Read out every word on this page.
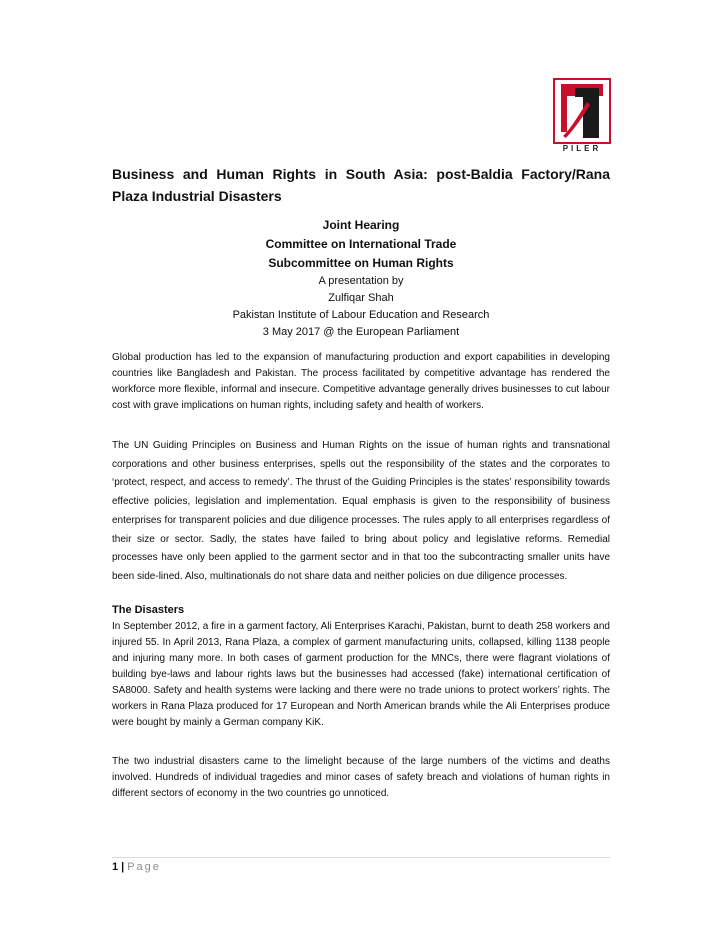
PILER
Business and Human Rights in South Asia: post-Baldia Factory/Rana Plaza Industrial Disasters
Joint Hearing
Committee on International Trade
Subcommittee on Human Rights
A presentation by
Zulfiqar Shah
Pakistan Institute of Labour Education and Research
3 May 2017 @ the European Parliament

Global production has led to the expansion of manufacturing production and export capabilities in developing countries like Bangladesh and Pakistan. The process facilitated by competitive advantage has rendered the workforce more flexible, informal and insecure. Competitive advantage generally drives businesses to cut labour cost with grave implications on human rights, including safety and health of workers.

The UN Guiding Principles on Business and Human Rights on the issue of human rights and transnational corporations and other business enterprises, spells out the responsibility of the states and the corporates to ‘protect, respect, and access to remedy’. The thrust of the Guiding Principles is the states’ responsibility towards effective policies, legislation and implementation. Equal emphasis is given to the responsibility of business enterprises for transparent policies and due diligence processes. The rules apply to all enterprises regardless of their size or sector. Sadly, the states have failed to bring about policy and legislative reforms. Remedial processes have only been applied to the garment sector and in that too the subcontracting smaller units have been side-lined. Also, multinationals do not share data and neither policies on due diligence processes.

The Disasters

In September 2012, a fire in a garment factory, Ali Enterprises Karachi, Pakistan, burnt to death 258 workers and injured 55. In April 2013, Rana Plaza, a complex of garment manufacturing units, collapsed, killing 1138 people and injuring many more. In both cases of garment production for the MNCs, there were flagrant violations of building bye-laws and labour rights laws but the businesses had accessed (fake) international certification of SA8000. Safety and health systems were lacking and there were no trade unions to protect workers’ rights. The workers in Rana Plaza produced for 17 European and North American brands while the Ali Enterprises produce were bought by mainly a German company KiK.

The two industrial disasters came to the limelight because of the large numbers of the victims and deaths involved. Hundreds of individual tragedies and minor cases of safety breach and violations of human rights in different sectors of economy in the two countries go unnoticed.

1 | Page
